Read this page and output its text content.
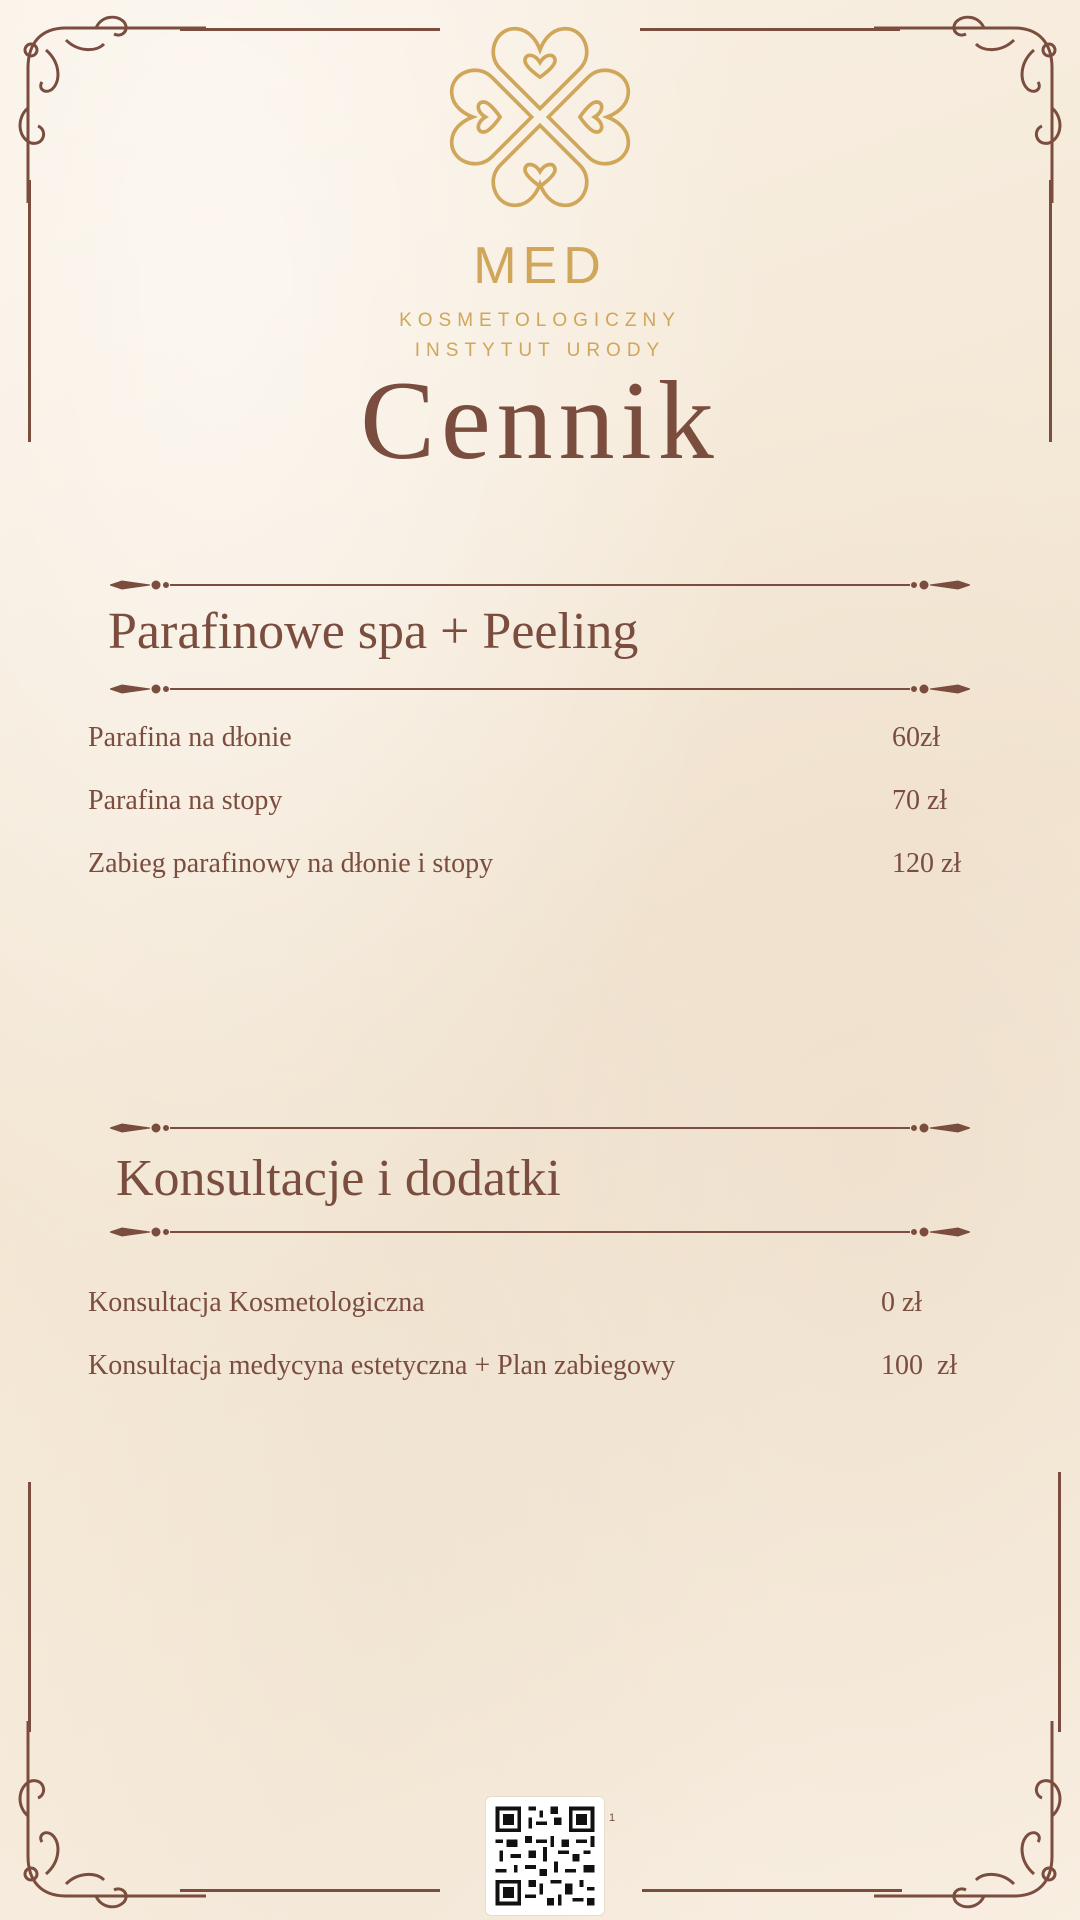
MED
KOSMETOLOGICZNY
INSTYTUT URODY
Cennik
Parafinowe spa + Peeling
Parafina na dłonie	60zł
Parafina na stopy	70 zł
Zabieg parafinowy na dłonie i stopy	120 zł
Konsultacje i dodatki
Konsultacja Kosmetologiczna	0 zł
Konsultacja medycyna estetyczna + Plan zabiegowy	100  zł
1
